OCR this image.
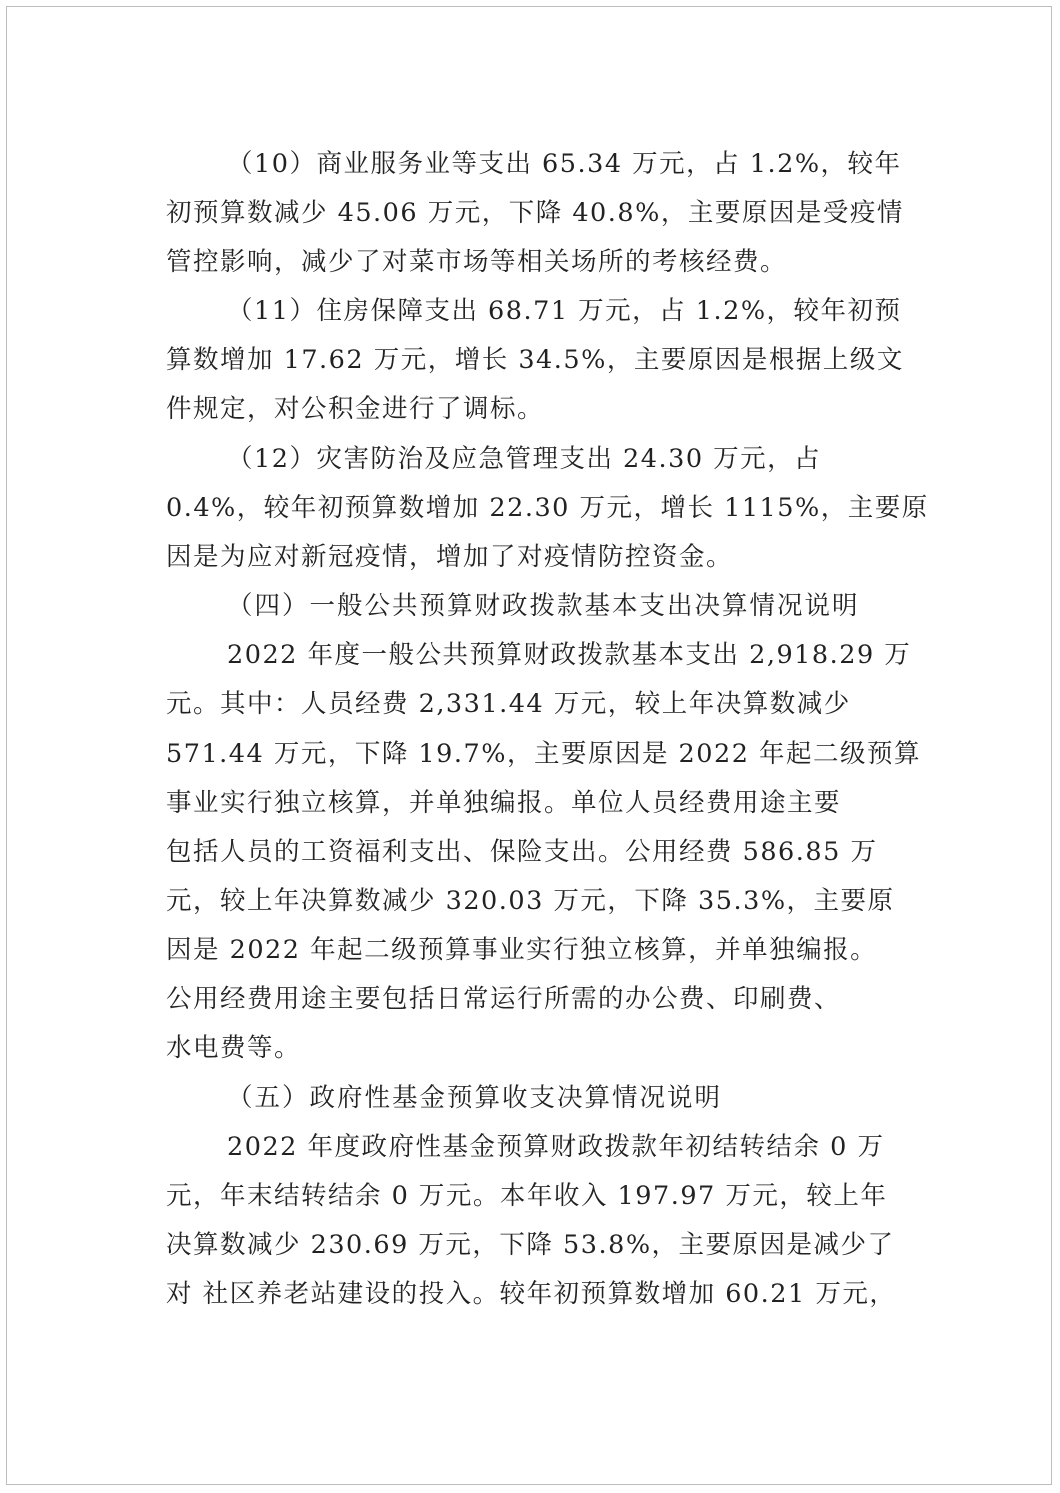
（10）商业服务业等支出 65.34 万元，占 1.2%，较年
初预算数减少 45.06 万元，下降 40.8%，主要原因是受疫情
管控影响，减少了对菜市场等相关场所的考核经费。
（11）住房保障支出 68.71 万元，占 1.2%，较年初预
算数增加 17.62 万元，增长 34.5%，主要原因是根据上级文
件规定，对公积金进行了调标。
（12）灾害防治及应急管理支出 24.30 万元，占
0.4%，较年初预算数增加 22.30 万元，增长 1115%，主要原
因是为应对新冠疫情，增加了对疫情防控资金。
（四）一般公共预算财政拨款基本支出决算情况说明
2022 年度一般公共预算财政拨款基本支出 2,918.29 万
元。其中：人员经费 2,331.44 万元，较上年决算数减少
571.44 万元，下降 19.7%，主要原因是 2022 年起二级预算
事业实行独立核算，并单独编报。单位人员经费用途主要
包括人员的工资福利支出、保险支出。公用经费 586.85 万
元，较上年决算数减少 320.03 万元，下降 35.3%，主要原
因是 2022 年起二级预算事业实行独立核算，并单独编报。
公用经费用途主要包括日常运行所需的办公费、印刷费、
水电费等。
（五）政府性基金预算收支决算情况说明
2022 年度政府性基金预算财政拨款年初结转结余 0 万
元，年末结转结余 0 万元。本年收入 197.97 万元，较上年
决算数减少 230.69 万元，下降 53.8%，主要原因是减少了
对 社区养老站建设的投入。较年初预算数增加 60.21 万元，
